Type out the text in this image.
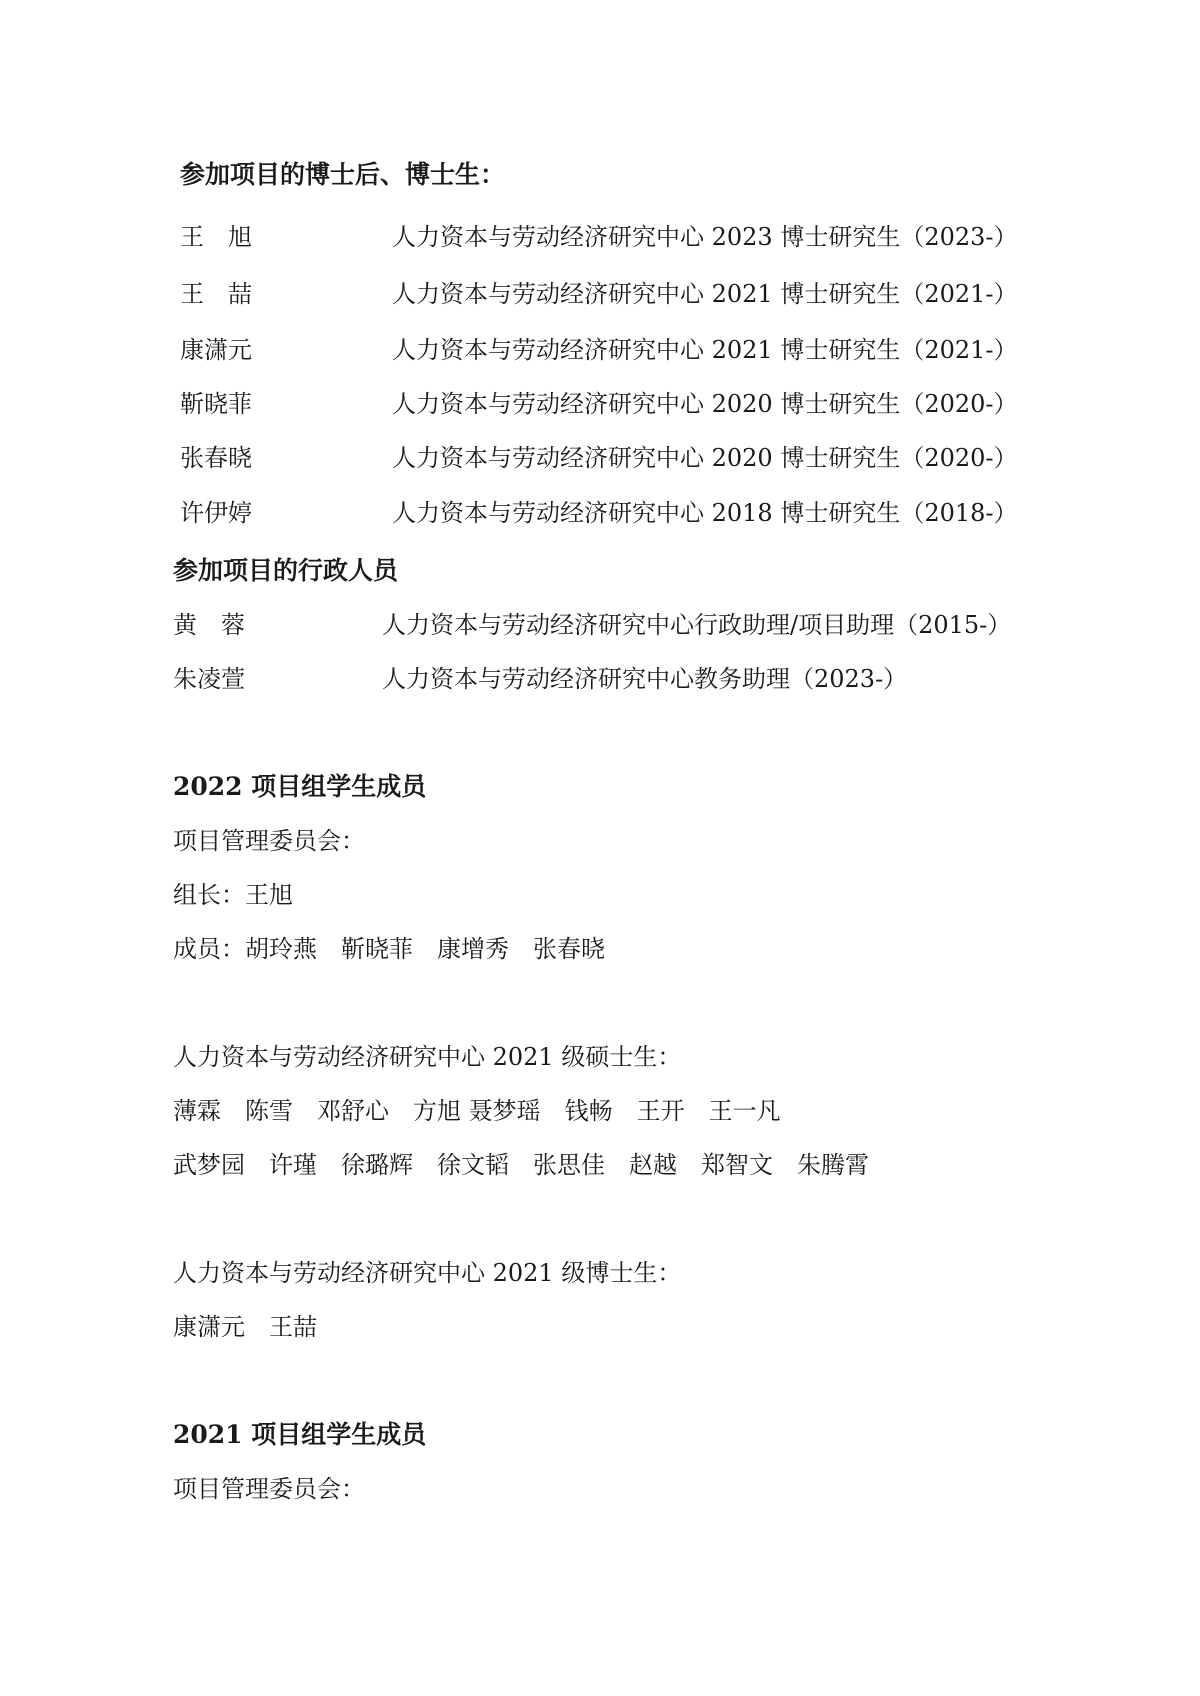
参加项目的博士后、博士生：
王　旭	人力资本与劳动经济研究中心 2023 博士研究生（2023-）
王　喆	人力资本与劳动经济研究中心 2021 博士研究生（2021-）
康潇元	人力资本与劳动经济研究中心 2021 博士研究生（2021-）
靳晓菲	人力资本与劳动经济研究中心 2020 博士研究生（2020-）
张春晓	人力资本与劳动经济研究中心 2020 博士研究生（2020-）
许伊婷	人力资本与劳动经济研究中心 2018 博士研究生（2018-）
参加项目的行政人员
黄　蓉	人力资本与劳动经济研究中心行政助理/项目助理（2015-）
朱凌萱	人力资本与劳动经济研究中心教务助理（2023-）
2022 项目组学生成员
项目管理委员会：
组长：王旭
成员：胡玲燕　靳晓菲　康增秀　张春晓
人力资本与劳动经济研究中心 2021 级硕士生：
薄霖　陈雪　邓舒心　方旭 聂梦瑶　钱畅　王开　王一凡
武梦园　许瑾　徐璐辉　徐文韬　张思佳　赵越　郑智文　朱腾霄
人力资本与劳动经济研究中心 2021 级博士生：
康潇元　王喆
2021 项目组学生成员
项目管理委员会：
